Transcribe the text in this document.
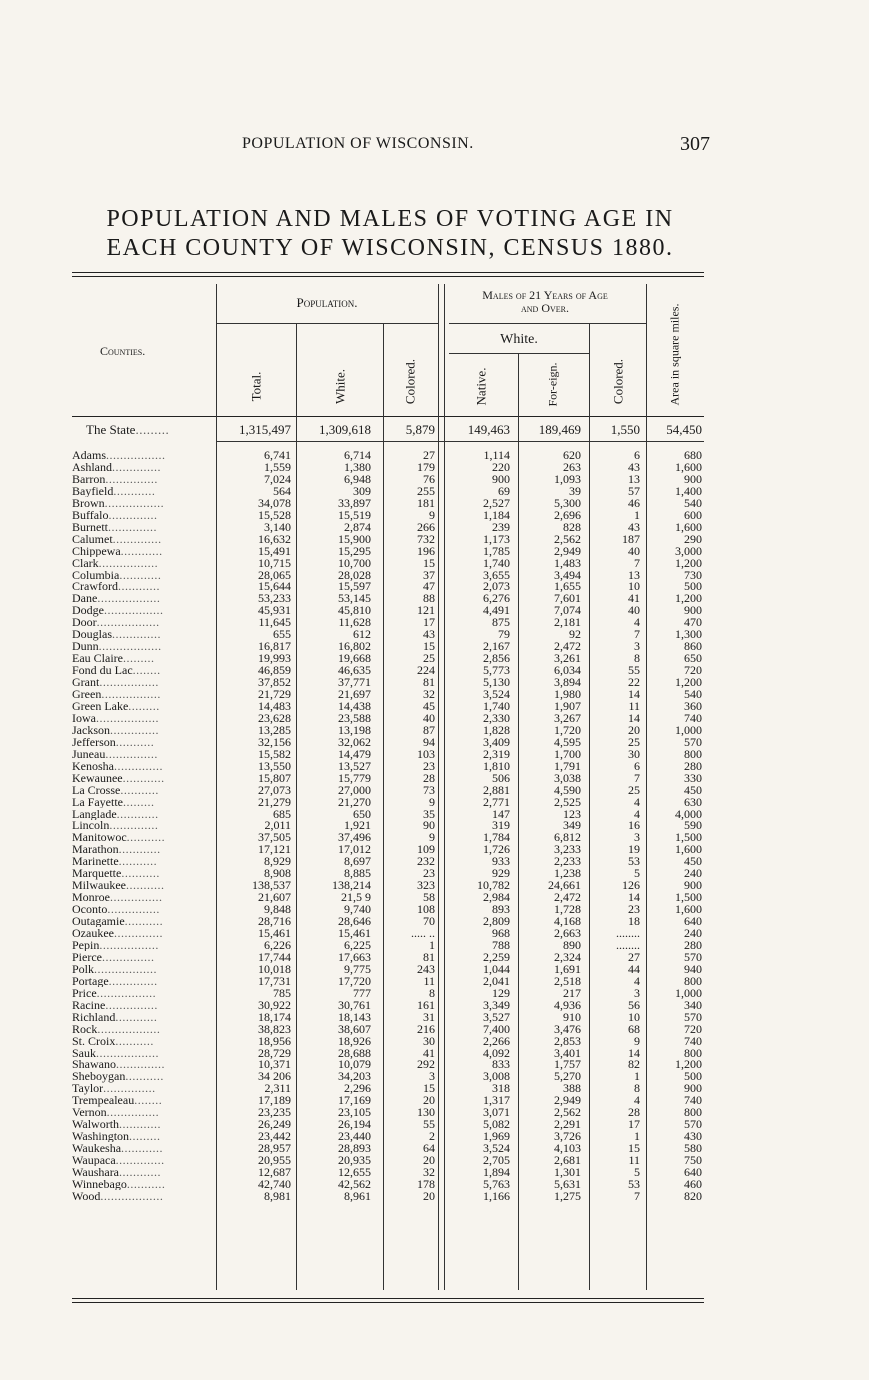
POPULATION OF WISCONSIN.	307
POPULATION AND MALES OF VOTING AGE IN
EACH COUNTY OF WISCONSIN, CENSUS 1880.
Counties.
Population.	Males of 21 Years of Age
and Over.
White.
Total.	White.	Colored.	Native.	For-eign.	Colored.	Area in square miles.
The State.........	1,315,497 1,309,618	5,879	149,463 189,469 1,550 54,450
Adams.................	6,741	6,714	27	1,114	620	6	680
Ashland..............	1,559	1,380	179	220	263	43	1,600
Barron...............	7,024	6,948	76	900	1,093	13	900
Bayfield............	564	309	255	69	39	57	1,400
Brown.................	34,078	33,897	181	2,527	5,300	46	540
Buffalo..............	15,528	15,519	9	1,184	2,696	1	600
Burnett..............	3,140	2,874	266	239	828	43	1,600
Calumet..............	16,632	15,900	732	1,173	2,562	187	290
Chippewa............	15,491	15,295	196	1,785	2,949	40	3,000
Clark.................	10,715	10,700	15	1,740	1,483	7	1,200
Columbia............	28,065	28,028	37	3,655	3,494	13	730
Crawford............	15,644	15,597	47	2,073	1,655	10	500
Dane..................	53,233	53,145	88	6,276	7,601	41	1,200
Dodge.................	45,931	45,810	121	4,491	7,074	40	900
Door..................	11,645	11,628	17	875	2,181	4	470
Douglas..............	655	612	43	79	92	7	1,300
Dunn..................	16,817	16,802	15	2,167	2,472	3	860
Eau Claire.........	19,993	19,668	25	2,856	3,261	8	650
Fond du Lac........	46,859	46,635	224	5,773	6,034	55	720
Grant.................	37,852	37,771	81	5,130	3,894	22	1,200
Green.................	21,729	21,697	32	3,524	1,980	14	540
Green Lake.........	14,483	14,438	45	1,740	1,907	11	360
Iowa..................	23,628	23,588	40	2,330	3,267	14	740
Jackson..............	13,285	13,198	87	1,828	1,720	20	1,000
Jefferson...........	32,156	32,062	94	3,409	4,595	25	570
Juneau...............	15,582	14,479	103	2,319	1,700	30	800
Kenosha..............	13,550	13,527	23	1,810	1,791	6	280
Kewaunee............	15,807	15,779	28	506	3,038	7	330
La Crosse...........	27,073	27,000	73	2,881	4,590	25	450
La Fayette.........	21,279	21,270	9	2,771	2,525	4	630
Langlade............	685	650	35	147	123	4	4,000
Lincoln..............	2,011	1,921	90	319	349	16	590
Manitowoc...........	37,505	37,496	9	1,784	6,812	3	1,500
Marathon............	17,121	17,012	109	1,726	3,233	19	1,600
Marinette...........	8,929	8,697	232	933	2,233	53	450
Marquette...........	8,908	8,885	23	929	1,238	5	240
Milwaukee...........	138,537	138,214	323	10,782	24,661	126	900
Monroe...............	21,607	21,5 9	58	2,984	2,472	14	1,500
Oconto...............	9,848	9,740	108	893	1,728	23	1,600
Outagamie...........	28,716	28,646	70	2,809	4,168	18	640
Ozaukee..............	15,461	15,461	..... ..	968	2,663	........	240
Pepin.................	6,226	6,225	1	788	890	........	280
Pierce...............	17,744	17,663	81	2,259	2,324	27	570
Polk..................	10,018	9,775	243	1,044	1,691	44	940
Portage..............	17,731	17,720	11	2,041	2,518	4	800
Price.................	785	777	8	129	217	3	1,000
Racine...............	30,922	30,761	161	3,349	4,936	56	340
Richland............	18,174	18,143	31	3,527	910	10	570
Rock..................	38,823	38,607	216	7,400	3,476	68	720
St. Croix...........	18,956	18,926	30	2,266	2,853	9	740
Sauk..................	28,729	28,688	41	4,092	3,401	14	800
Shawano..............	10,371	10,079	292	833	1,757	82	1,200
Sheboygan...........	34 206	34,203	3	3,008	5,270	1	500
Taylor...............	2,311	2,296	15	318	388	8	900
Trempealeau........	17,189	17,169	20	1,317	2,949	4	740
Vernon...............	23,235	23,105	130	3,071	2,562	28	800
Walworth............	26,249	26,194	55	5,082	2,291	17	570
Washington.........	23,442	23,440	2	1,969	3,726	1	430
Waukesha............	28,957	28,893	64	3,524	4,103	15	580
Waupaca..............	20,955	20,935	20	2,705	2,681	11	750
Waushara............	12,687	12,655	32	1,894	1,301	5	640
Winnebago...........	42,740	42,562	178	5,763	5,631	53	460
Wood..................	8,981	8,961	20	1,166	1,275	7	820
